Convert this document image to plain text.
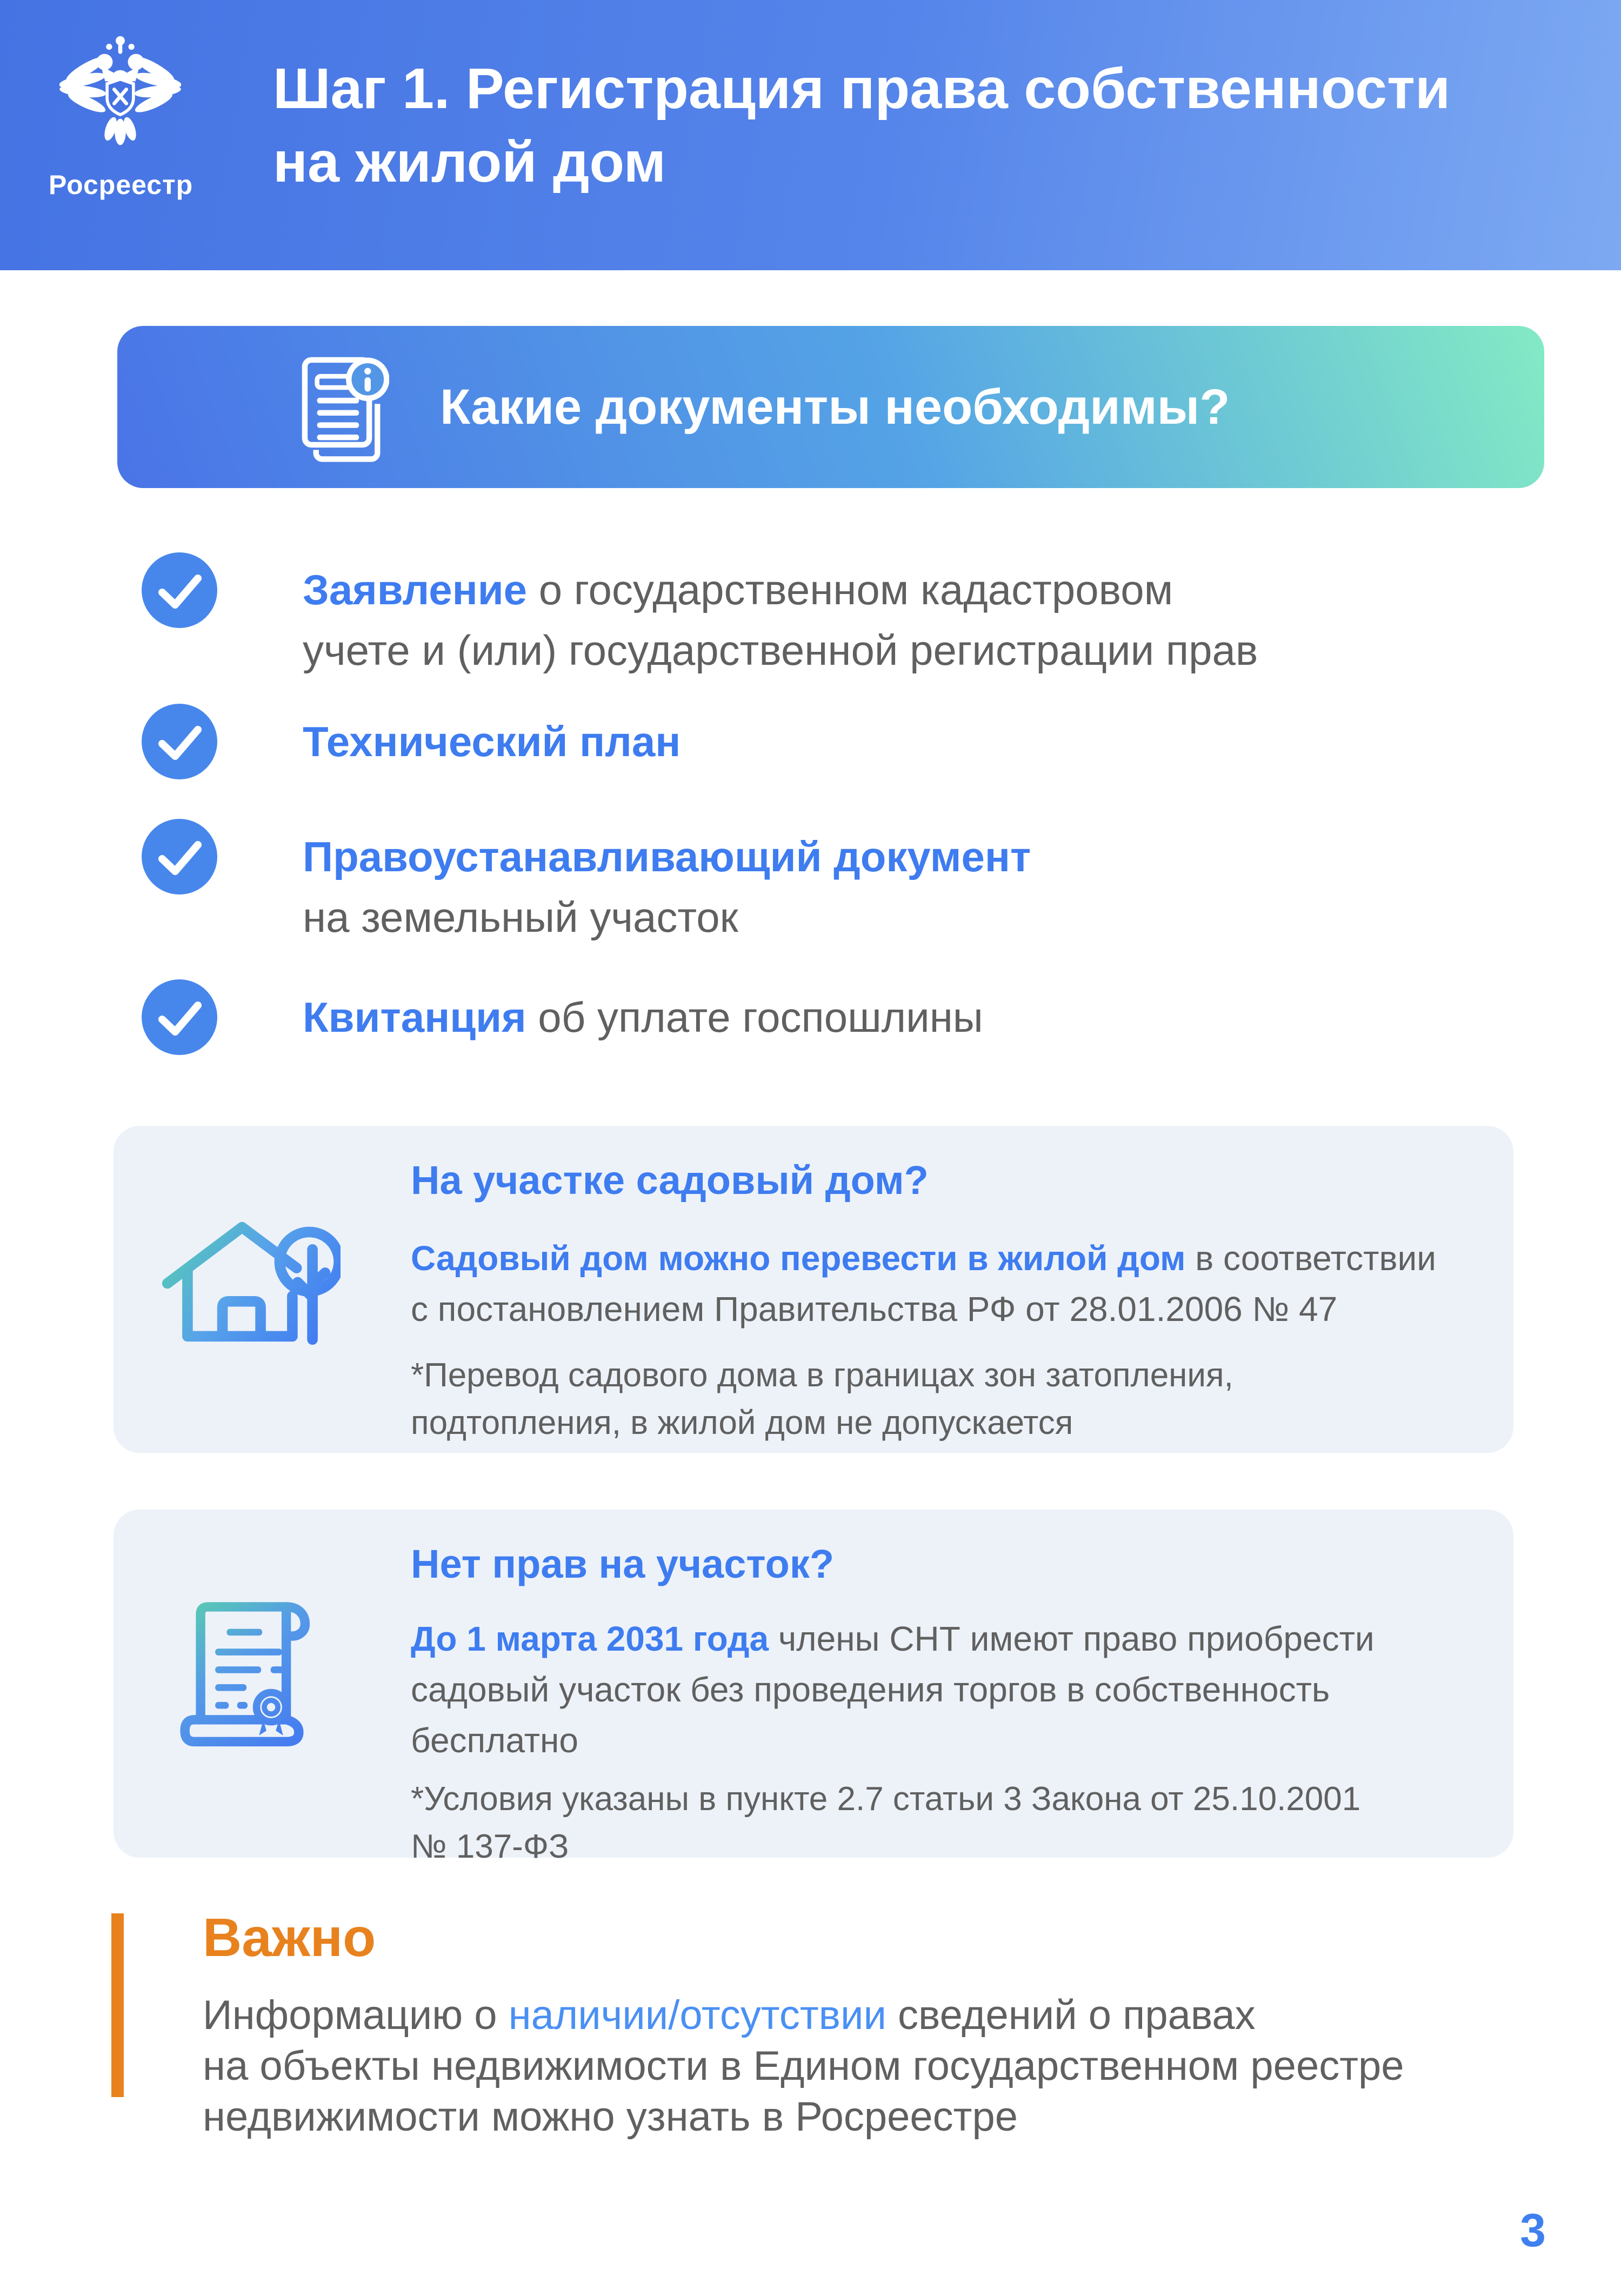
Росреестр
Шаг 1. Регистрация права собственности
на жилой дом
Какие документы необходимы?
Заявление о государственном кадастровом
учете и (или) государственной регистрации прав
Технический план
Правоустанавливающий документ
на земельный участок
Квитанция об уплате госпошлины
На участке садовый дом?
Садовый дом можно перевести в жилой дом в соответствии
с постановлением Правительства РФ от 28.01.2006 № 47
*Перевод садового дома в границах зон затопления,
подтопления, в жилой дом не допускается
Нет прав на участок?
До 1 марта 2031 года члены СНТ имеют право приобрести
садовый участок без проведения торгов в собственность
бесплатно
*Условия указаны в пункте 2.7 статьи 3 Закона от 25.10.2001
№ 137-ФЗ
Важно
Информацию о наличии/отсутствии сведений о правах
на объекты недвижимости в Едином государственном реестре
недвижимости можно узнать в Росреестре
3
